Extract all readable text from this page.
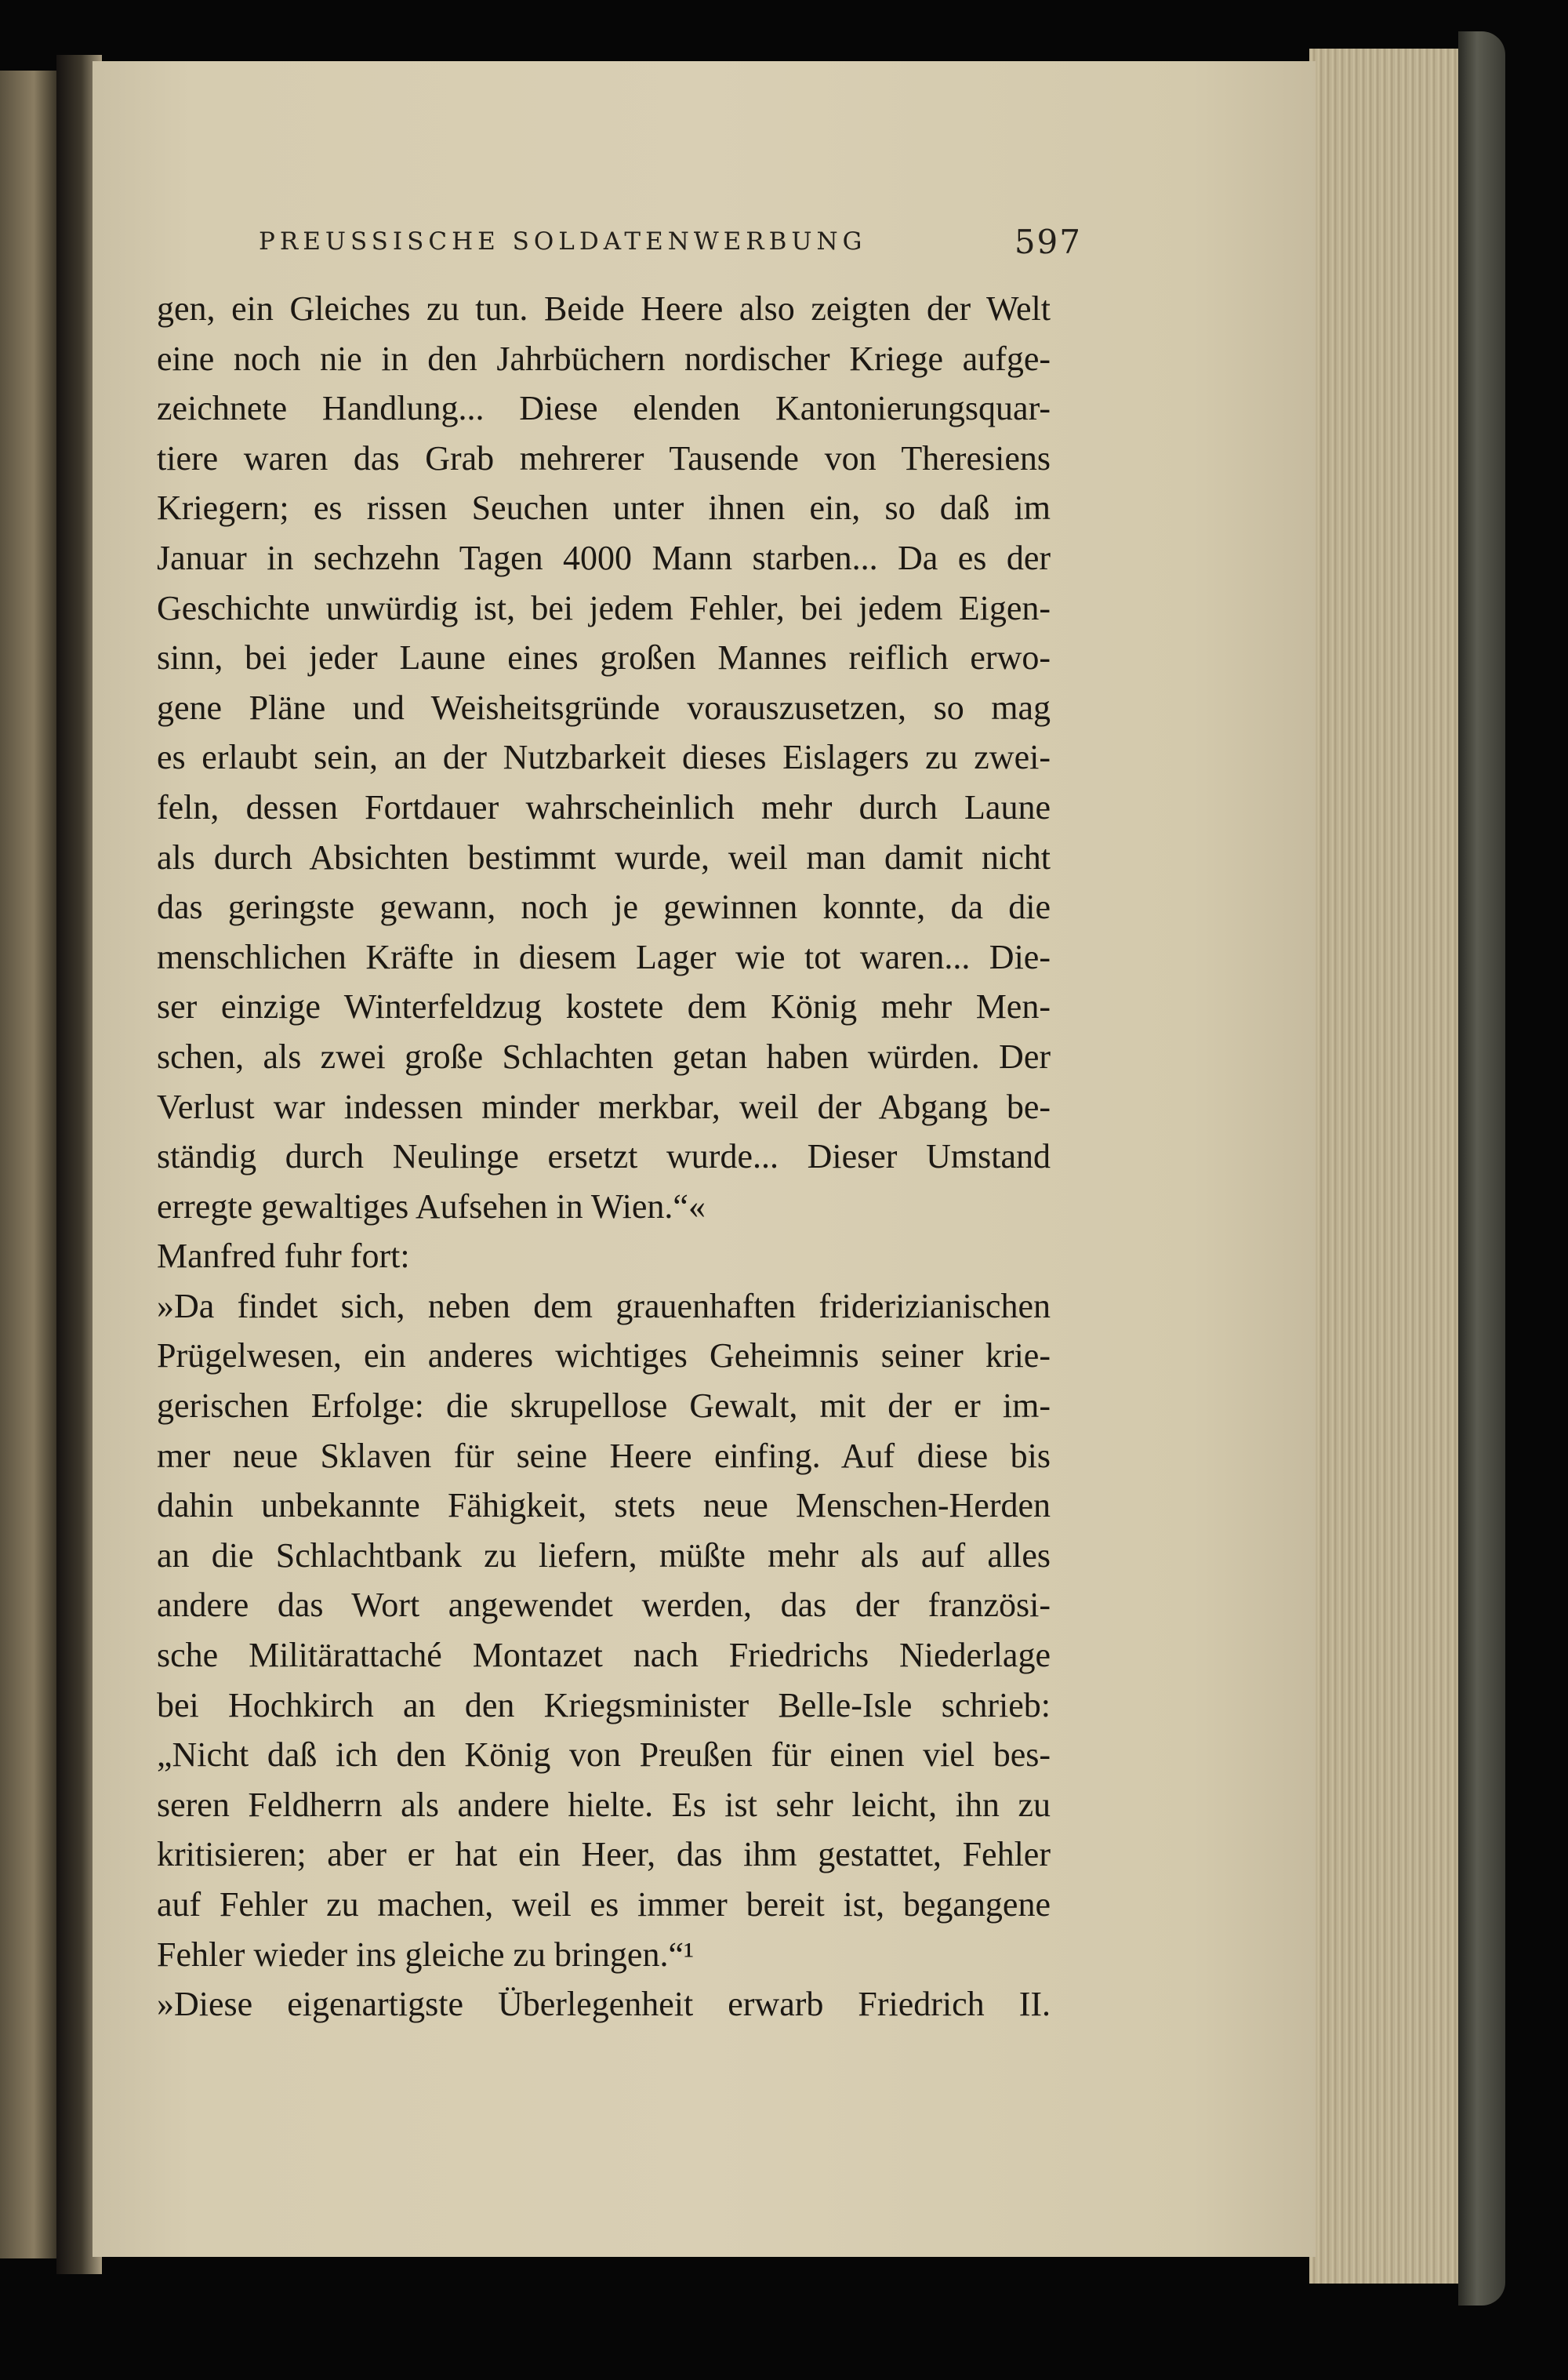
PREUSSISCHE SOLDATENWERBUNG	597
gen, ein Gleiches zu tun. Beide Heere also zeigten der Welt
eine noch nie in den Jahrbüchern nordischer Kriege aufge-
zeichnete Handlung... Diese elenden Kantonierungsquar-
tiere waren das Grab mehrerer Tausende von Theresiens
Kriegern; es rissen Seuchen unter ihnen ein, so daß im
Januar in sechzehn Tagen 4000 Mann starben... Da es der
Geschichte unwürdig ist, bei jedem Fehler, bei jedem Eigen-
sinn, bei jeder Laune eines großen Mannes reiflich erwo-
gene Pläne und Weisheitsgründe vorauszusetzen, so mag
es erlaubt sein, an der Nutzbarkeit dieses Eislagers zu zwei-
feln, dessen Fortdauer wahrscheinlich mehr durch Laune
als durch Absichten bestimmt wurde, weil man damit nicht
das geringste gewann, noch je gewinnen konnte, da die
menschlichen Kräfte in diesem Lager wie tot waren... Die-
ser einzige Winterfeldzug kostete dem König mehr Men-
schen, als zwei große Schlachten getan haben würden. Der
Verlust war indessen minder merkbar, weil der Abgang be-
ständig durch Neulinge ersetzt wurde... Dieser Umstand
erregte gewaltiges Aufsehen in Wien.“«
Manfred fuhr fort:
»Da findet sich, neben dem grauenhaften friderizianischen
Prügelwesen, ein anderes wichtiges Geheimnis seiner krie-
gerischen Erfolge: die skrupellose Gewalt, mit der er im-
mer neue Sklaven für seine Heere einfing. Auf diese bis
dahin unbekannte Fähigkeit, stets neue Menschen-Herden
an die Schlachtbank zu liefern, müßte mehr als auf alles
andere das Wort angewendet werden, das der französi-
sche Militärattaché Montazet nach Friedrichs Niederlage
bei Hochkirch an den Kriegsminister Belle-Isle schrieb:
„Nicht daß ich den König von Preußen für einen viel bes-
seren Feldherrn als andere hielte. Es ist sehr leicht, ihn zu
kritisieren; aber er hat ein Heer, das ihm gestattet, Fehler
auf Fehler zu machen, weil es immer bereit ist, begangene
Fehler wieder ins gleiche zu bringen.“¹
»Diese eigenartigste Überlegenheit erwarb Friedrich II.
